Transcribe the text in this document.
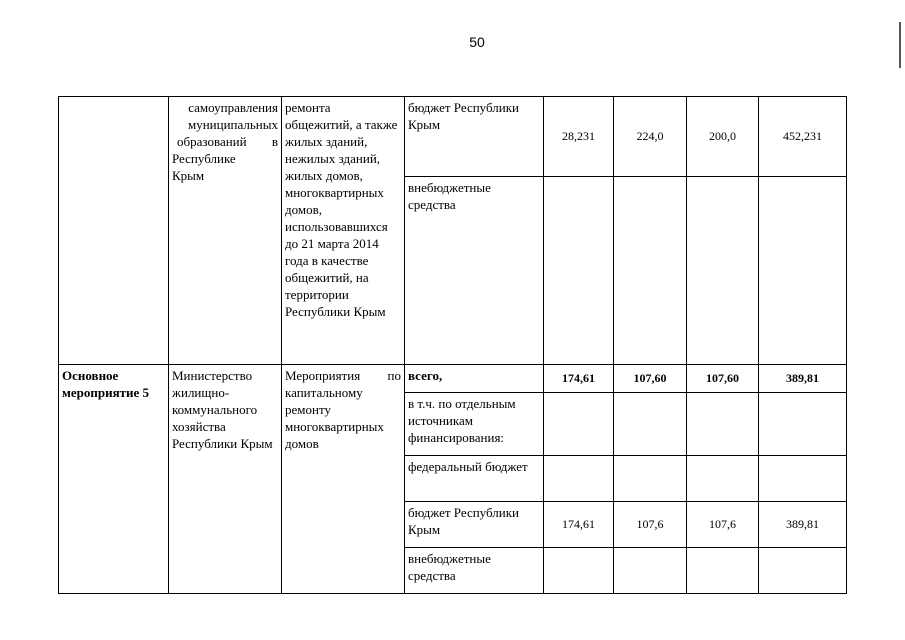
50

	самоуправления
муниципальных
образований в
Республике
Крым	ремонта общежитий, а также жилых зданий, нежилых зданий, жилых домов, многоквартирных домов, использовавшихся до 21 марта 2014 года в качестве общежитий, на территории Республики Крым	бюджет Республики Крым	28,231	224,0	200,0	452,231
			внебюджетные средства				
Основное мероприятие 5	Министерство жилищно-коммунального хозяйства Республики Крым	Мероприятия по капитальному ремонту многоквартирных домов	всего,	174,61	107,60	107,60	389,81
			в т.ч. по отдельным источникам финансирования:				
			федеральный бюджет				
			бюджет Республики Крым	174,61	107,6	107,6	389,81
			внебюджетные средства				
